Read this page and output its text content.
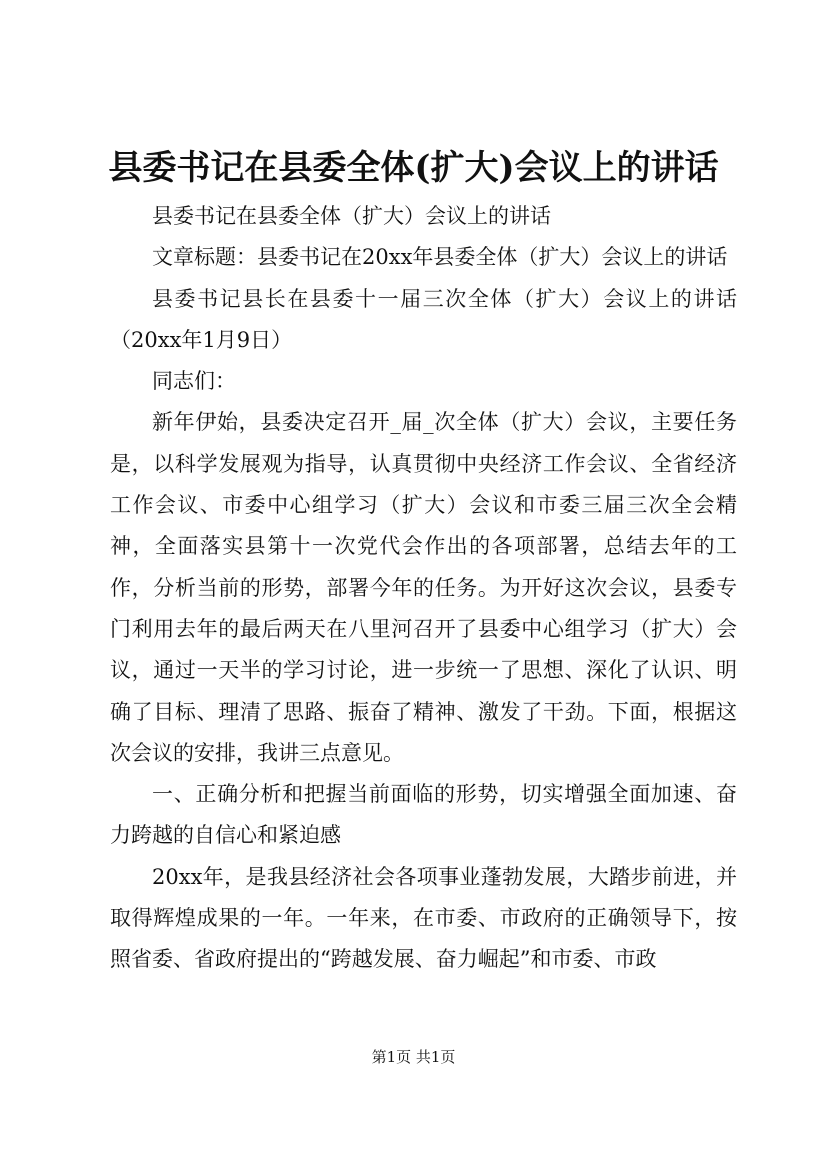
县委书记在县委全体(扩大)会议上的讲话

县委书记在县委全体（扩大）会议上的讲话

文章标题：县委书记在20xx年县委全体（扩大）会议上的讲话

县委书记县长在县委十一届三次全体（扩大）会议上的讲话（20xx年1月9日）

同志们：

新年伊始，县委决定召开_届_次全体（扩大）会议，主要任务是，以科学发展观为指导，认真贯彻中央经济工作会议、全省经济工作会议、市委中心组学习（扩大）会议和市委三届三次全会精神，全面落实县第十一次党代会作出的各项部署，总结去年的工作，分析当前的形势，部署今年的任务。为开好这次会议，县委专门利用去年的最后两天在八里河召开了县委中心组学习（扩大）会议，通过一天半的学习讨论，进一步统一了思想、深化了认识、明确了目标、理清了思路、振奋了精神、激发了干劲。下面，根据这次会议的安排，我讲三点意见。

一、正确分析和把握当前面临的形势，切实增强全面加速、奋力跨越的自信心和紧迫感

20xx年，是我县经济社会各项事业蓬勃发展，大踏步前进，并取得辉煌成果的一年。一年来，在市委、市政府的正确领导下，按照省委、省政府提出的“跨越发展、奋力崛起”和市委、市政

第1页 共1页
